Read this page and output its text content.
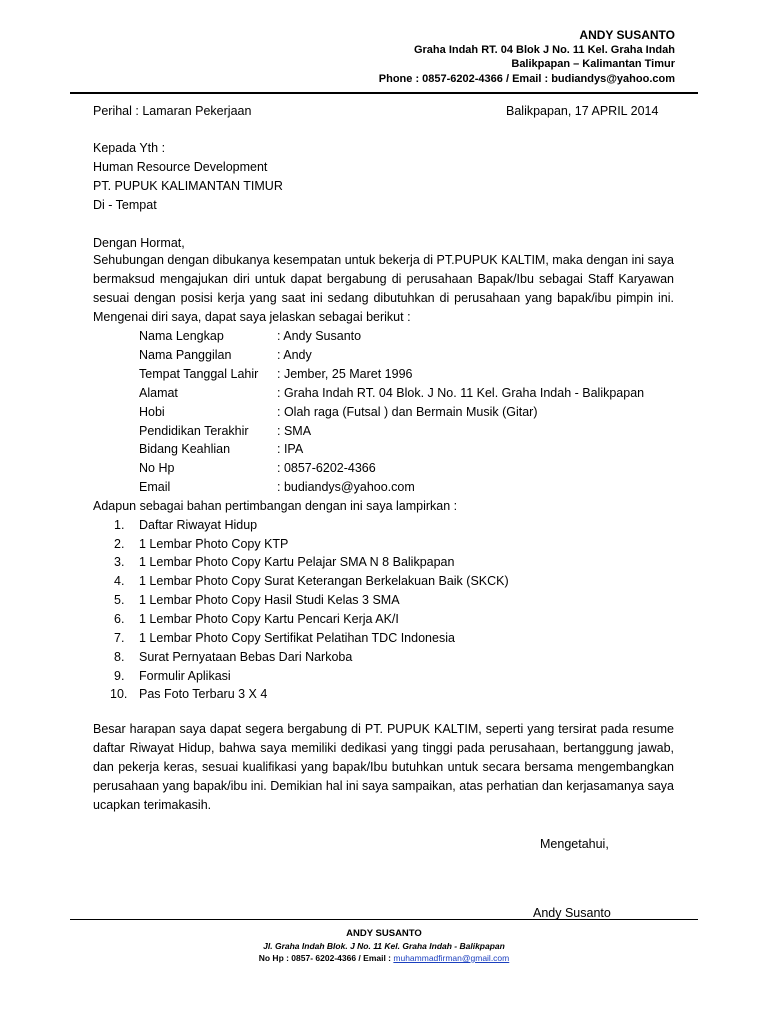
ANDY SUSANTO
Graha Indah RT. 04 Blok J No. 11 Kel. Graha Indah
Balikpapan – Kalimantan Timur
Phone : 0857-6202-4366 / Email : budiandys@yahoo.com
Perihal : Lamaran Pekerjaan	Balikpapan, 17 APRIL 2014
Kepada Yth :
Human Resource Development
PT. PUPUK KALIMANTAN TIMUR
Di - Tempat
Dengan Hormat,
Sehubungan dengan dibukanya kesempatan untuk bekerja di PT.PUPUK KALTIM, maka dengan ini saya bermaksud mengajukan diri untuk dapat bergabung di perusahaan Bapak/Ibu sebagai Staff Karyawan sesuai dengan posisi kerja yang saat ini sedang dibutuhkan di perusahaan yang bapak/ibu pimpin ini. Mengenai diri saya, dapat saya jelaskan sebagai berikut :
Nama Lengkap	: Andy Susanto
Nama Panggilan	: Andy
Tempat Tanggal Lahir : Jember, 25 Maret 1996
Alamat	: Graha Indah RT. 04 Blok. J No. 11 Kel. Graha Indah - Balikpapan
Hobi	: Olah raga (Futsal ) dan Bermain Musik (Gitar)
Pendidikan Terakhir : SMA
Bidang Keahlian	: IPA
No Hp	: 0857-6202-4366
Email	: budiandys@yahoo.com
Adapun sebagai bahan pertimbangan dengan ini saya lampirkan :
1. Daftar Riwayat Hidup
2. 1 Lembar Photo Copy KTP
3. 1 Lembar Photo Copy Kartu Pelajar SMA N 8 Balikpapan
4. 1 Lembar Photo Copy Surat Keterangan Berkelakuan Baik (SKCK)
5. 1 Lembar Photo Copy Hasil Studi Kelas 3 SMA
6. 1 Lembar Photo Copy Kartu Pencari Kerja AK/I
7. 1 Lembar Photo Copy Sertifikat Pelatihan TDC Indonesia
8. Surat Pernyataan Bebas Dari Narkoba
9. Formulir Aplikasi
10. Pas Foto Terbaru 3 X 4
Besar harapan saya dapat segera bergabung di PT. PUPUK KALTIM, seperti yang tersirat pada resume daftar Riwayat Hidup, bahwa saya memiliki dedikasi yang tinggi pada perusahaan, bertanggung jawab, dan pekerja keras, sesuai kualifikasi yang bapak/Ibu butuhkan untuk secara bersama mengembangkan perusahaan yang bapak/ibu ini. Demikian hal ini saya sampaikan, atas perhatian dan kerjasamanya saya ucapkan terimakasih.
Mengetahui,
Andy Susanto
ANDY SUSANTO
Jl. Graha Indah Blok. J No. 11 Kel. Graha Indah - Balikpapan
No Hp : 0857- 6202-4366 / Email : muhammadfirman@gmail.com
